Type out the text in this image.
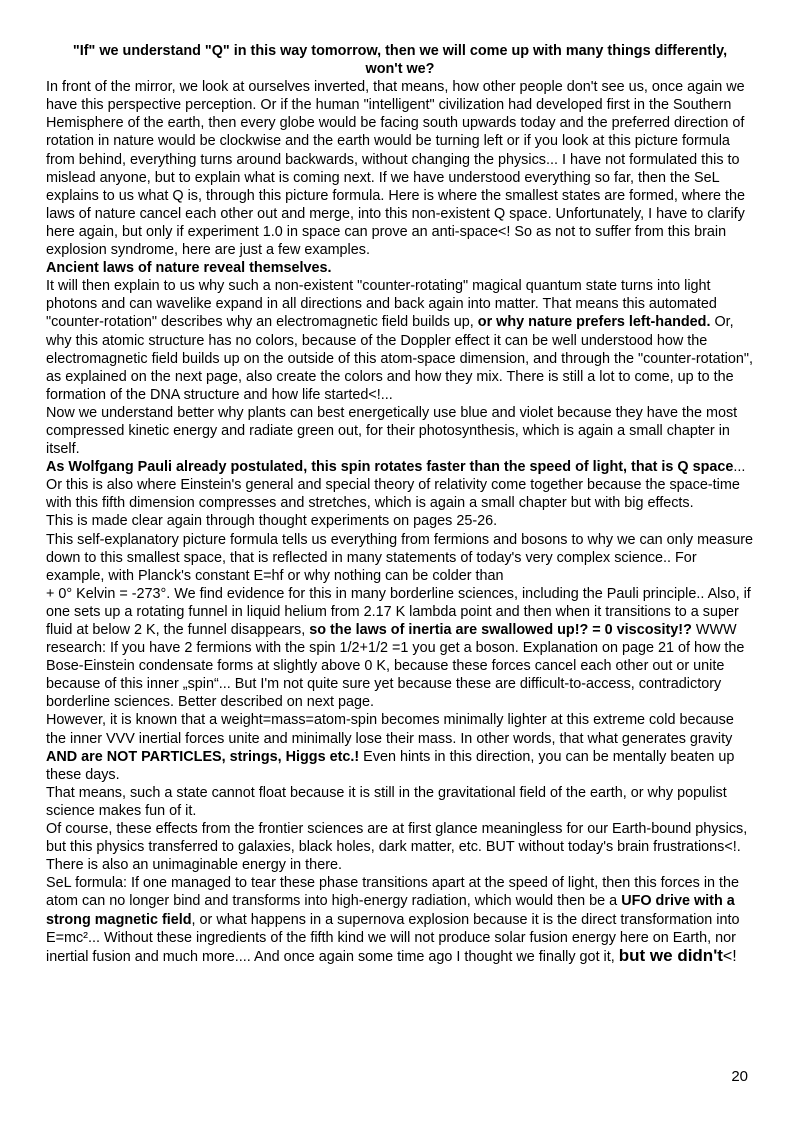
"If" we understand "Q" in this way tomorrow, then we will come up with many things differently, won't we?

In front of the mirror, we look at ourselves inverted, that means, how other people don't see us, once again we have this perspective perception. Or if the human "intelligent" civilization had developed first in the Southern Hemisphere of the earth, then every globe would be facing south upwards today and the preferred direction of rotation in nature would be clockwise and the earth would be turning left or if you look at this picture formula from behind, everything turns around backwards, without changing the physics... I have not formulated this to mislead anyone, but to explain what is coming next. If we have understood everything so far, then the SeL explains to us what Q is, through this picture formula. Here is where the smallest states are formed, where the laws of nature cancel each other out and merge, into this non-existent Q space. Unfortunately, I have to clarify here again, but only if experiment 1.0 in space can prove an anti-space<! So as not to suffer from this brain explosion syndrome, here are just a few examples.

Ancient laws of nature reveal themselves.

It will then explain to us why such a non-existent "counter-rotating" magical quantum state turns into light photons and can wavelike expand in all directions and back again into matter. That means this automated "counter-rotation" describes why an electromagnetic field builds up, or why nature prefers left-handed. Or, why this atomic structure has no colors, because of the Doppler effect it can be well understood how the electromagnetic field builds up on the outside of this atom-space dimension, and through the "counter-rotation", as explained on the next page, also create the colors and how they mix. There is still a lot to come, up to the formation of the DNA structure and how life started<!...

Now we understand better why plants can best energetically use blue and violet because they have the most compressed kinetic energy and radiate green out, for their photosynthesis, which is again a small chapter in itself.

As Wolfgang Pauli already postulated, this spin rotates faster than the speed of light, that is Q space... Or this is also where Einstein's general and special theory of relativity come together because the space-time with this fifth dimension compresses and stretches, which is again a small chapter but with big effects.

This is made clear again through thought experiments on pages 25-26.

This self-explanatory picture formula tells us everything from fermions and bosons to why we can only measure down to this smallest space, that is reflected in many statements of today's very complex science.. For example, with Planck's constant E=hf or why nothing can be colder than
+ 0° Kelvin = -273°. We find evidence for this in many borderline sciences, including the Pauli principle.. Also, if one sets up a rotating funnel in liquid helium from 2.17 K lambda point and then when it transitions to a super fluid at below 2 K, the funnel disappears, so the laws of inertia are swallowed up!? = 0 viscosity!? WWW research: If you have 2 fermions with the spin 1/2+1/2 =1 you get a boson. Explanation on page 21 of how the Bose-Einstein condensate forms at slightly above 0 K, because these forces cancel each other out or unite because of this inner „spin“... But I'm not quite sure yet because these are difficult-to-access, contradictory borderline sciences. Better described on next page.

However, it is known that a weight=mass=atom-spin becomes minimally lighter at this extreme cold because the inner VVV inertial forces unite and minimally lose their mass. In other words, that what generates gravity AND are NOT PARTICLES, strings, Higgs etc.! Even hints in this direction, you can be mentally beaten up these days.

That means, such a state cannot float because it is still in the gravitational field of the earth, or why populist science makes fun of it.

Of course, these effects from the frontier sciences are at first glance meaningless for our Earth-bound physics, but this physics transferred to galaxies, black holes, dark matter, etc. BUT without today's brain frustrations<!. There is also an unimaginable energy in there.

SeL formula: If one managed to tear these phase transitions apart at the speed of light, then this forces in the atom can no longer bind and transforms into high-energy radiation, which would then be a UFO drive with a strong magnetic field, or what happens in a supernova explosion because it is the direct transformation into E=mc²... Without these ingredients of the fifth kind we will not produce solar fusion energy here on Earth, nor inertial fusion and much more.... And once again some time ago I thought we finally got it, but we didn't<!

20
